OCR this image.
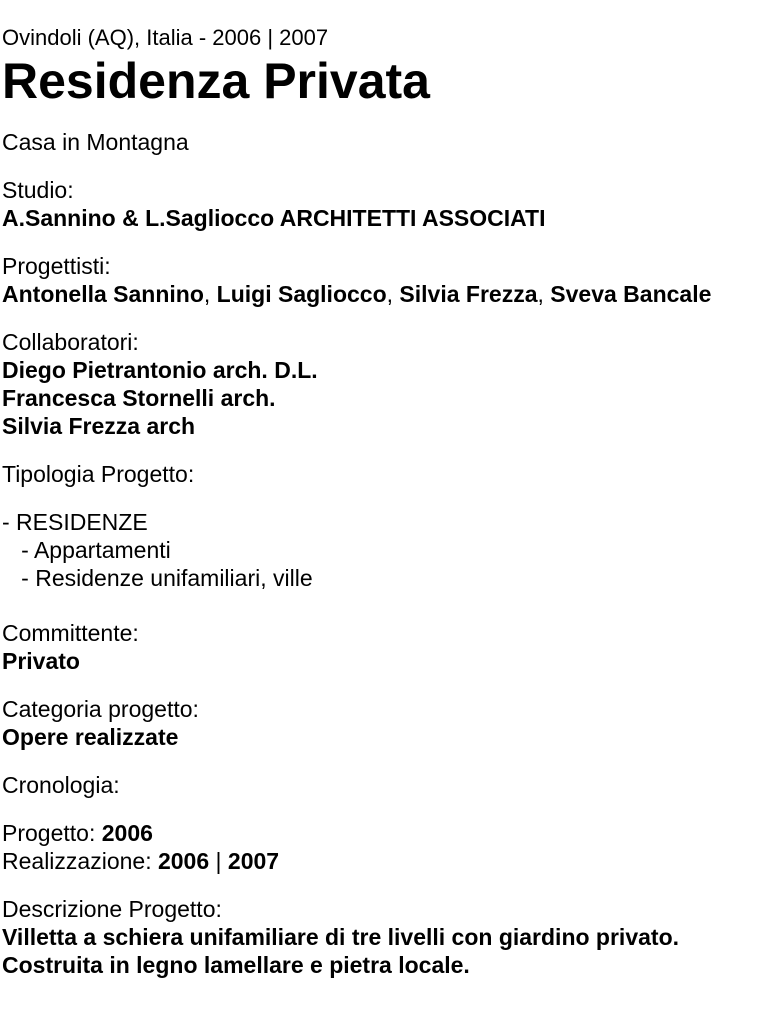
Ovindoli (AQ), Italia - 2006 | 2007
Residenza Privata
Casa in Montagna
Studio:
A.Sannino & L.Sagliocco ARCHITETTI ASSOCIATI
Progettisti:
Antonella Sannino, Luigi Sagliocco, Silvia Frezza, Sveva Bancale
Collaboratori:
Diego Pietrantonio arch. D.L.
Francesca Stornelli arch.
Silvia Frezza arch
Tipologia Progetto:
- RESIDENZE
- Appartamenti
- Residenze unifamiliari, ville
Committente:
Privato
Categoria progetto:
Opere realizzate
Cronologia:
Progetto: 2006
Realizzazione: 2006 | 2007
Descrizione Progetto:
Villetta a schiera unifamiliare di tre livelli con giardino privato.
Costruita in legno lamellare e pietra locale.
